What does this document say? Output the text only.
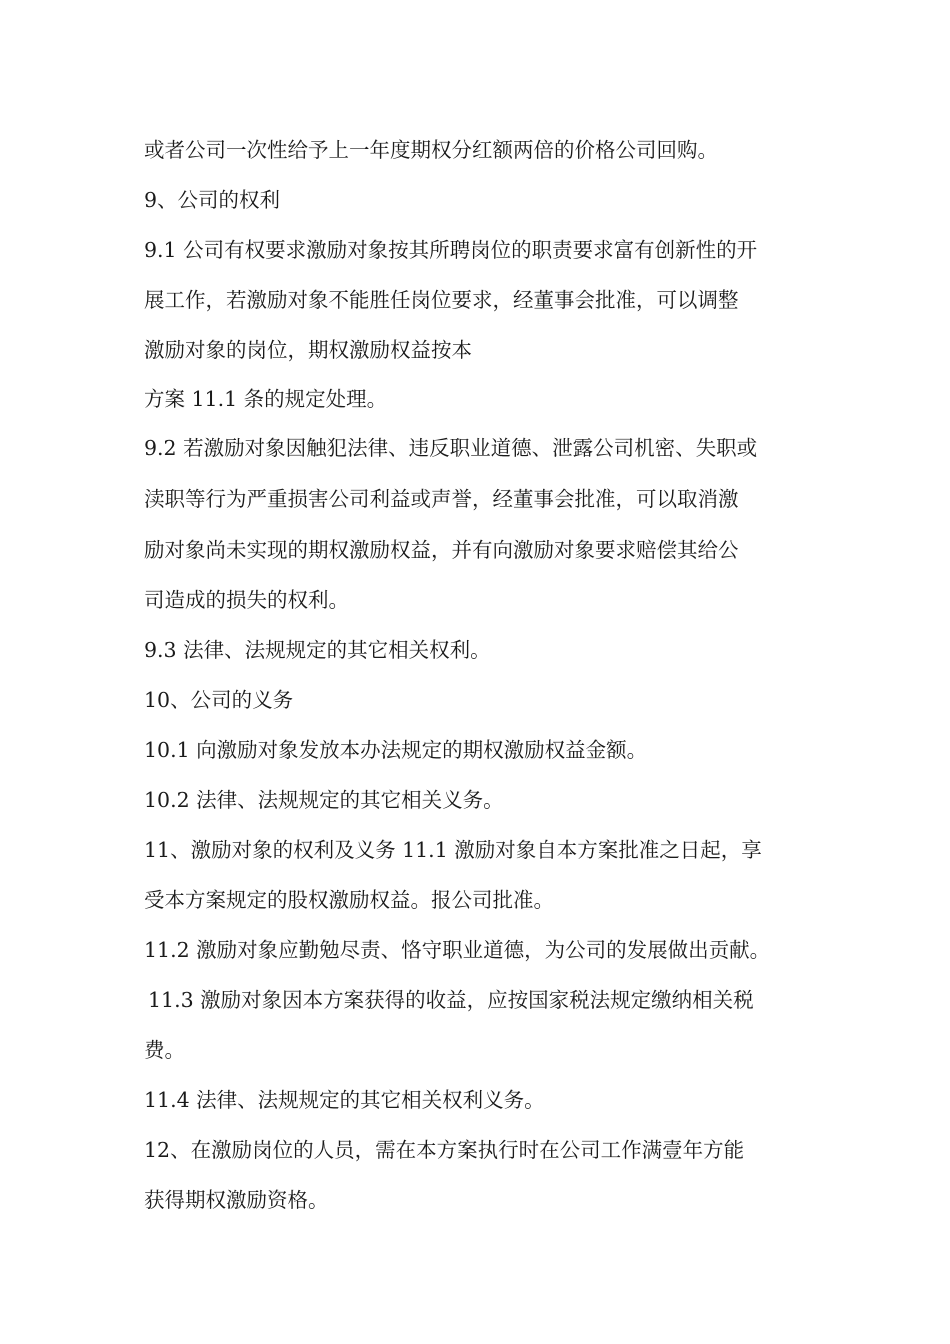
或者公司一次性给予上一年度期权分红额两倍的价格公司回购。

9、公司的权利

9.1 公司有权要求激励对象按其所聘岗位的职责要求富有创新性的开

展工作，若激励对象不能胜任岗位要求，经董事会批准，可以调整

激励对象的岗位，期权激励权益按本

方案 11.1 条的规定处理。

9.2 若激励对象因触犯法律、违反职业道德、泄露公司机密、失职或

渎职等行为严重损害公司利益或声誉，经董事会批准，可以取消激

励对象尚未实现的期权激励权益，并有向激励对象要求赔偿其给公

司造成的损失的权利。

9.3 法律、法规规定的其它相关权利。

10、公司的义务

10.1 向激励对象发放本办法规定的期权激励权益金额。

10.2 法律、法规规定的其它相关义务。

11、激励对象的权利及义务 11.1 激励对象自本方案批准之日起，享

受本方案规定的股权激励权益。报公司批准。

11.2 激励对象应勤勉尽责、恪守职业道德，为公司的发展做出贡献。

11.3 激励对象因本方案获得的收益，应按国家税法规定缴纳相关税

费。

11.4 法律、法规规定的其它相关权利义务。

12、在激励岗位的人员，需在本方案执行时在公司工作满壹年方能

获得期权激励资格。
